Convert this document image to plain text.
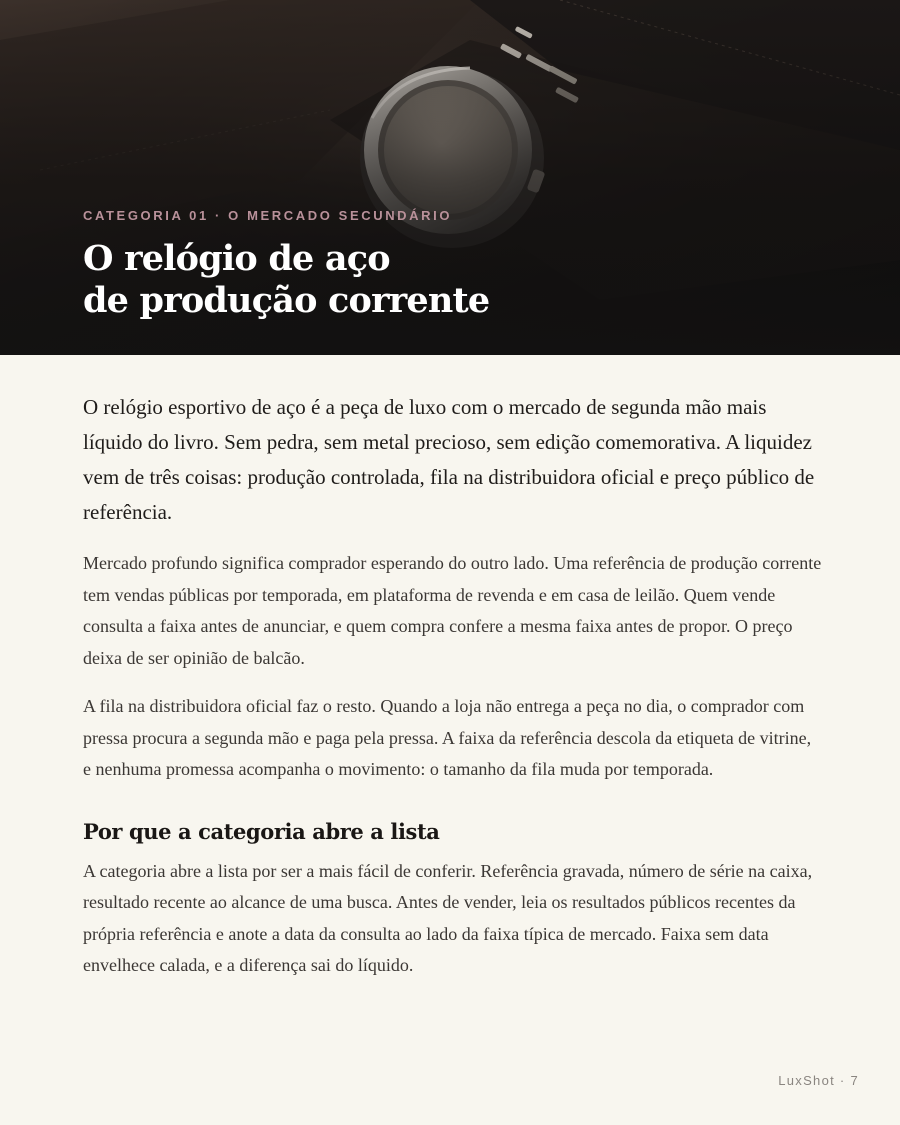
CATEGORIA 01 · O MERCADO SECUNDÁRIO
O relógio de aço
de produção corrente

O relógio esportivo de aço é a peça de luxo com o mercado de segunda mão mais líquido do livro. Sem pedra, sem metal precioso, sem edição comemorativa. A liquidez vem de três coisas: produção controlada, fila na distribuidora oficial e preço público de referência.

Mercado profundo significa comprador esperando do outro lado. Uma referência de produção corrente tem vendas públicas por temporada, em plataforma de revenda e em casa de leilão. Quem vende consulta a faixa antes de anunciar, e quem compra confere a mesma faixa antes de propor. O preço deixa de ser opinião de balcão.

A fila na distribuidora oficial faz o resto. Quando a loja não entrega a peça no dia, o comprador com pressa procura a segunda mão e paga pela pressa. A faixa da referência descola da etiqueta de vitrine, e nenhuma promessa acompanha o movimento: o tamanho da fila muda por temporada.

Por que a categoria abre a lista

A categoria abre a lista por ser a mais fácil de conferir. Referência gravada, número de série na caixa, resultado recente ao alcance de uma busca. Antes de vender, leia os resultados públicos recentes da própria referência e anote a data da consulta ao lado da faixa típica de mercado. Faixa sem data envelhece calada, e a diferença sai do líquido.

LuxShot · 7
